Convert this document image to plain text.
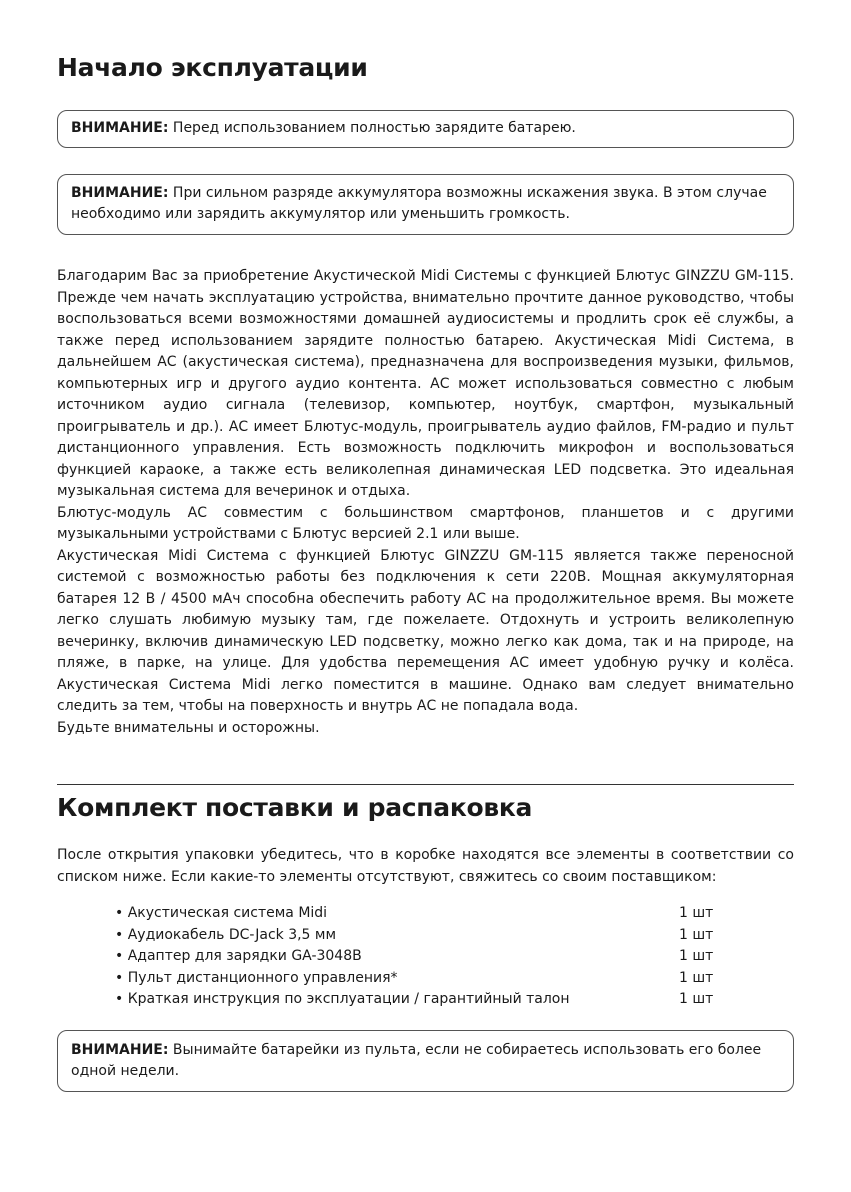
Начало эксплуатации
ВНИМАНИЕ: Перед использованием полностью зарядите батарею.
ВНИМАНИЕ: При сильном разряде аккумулятора возможны искажения звука. В этом случае необходимо или зарядить аккумулятор или уменьшить громкость.

Благодарим Вас за приобретение Акустической Midi Системы с функцией Блютус GINZZU GM-115. Прежде чем начать эксплуатацию устройства, внимательно прочтите данное руководство, чтобы воспользоваться всеми возможностями домашней аудиосистемы и продлить срок её службы, а также перед использованием зарядите полностью батарею. Акустическая Midi Система, в дальнейшем АС (акустическая система), предназначена для воспроизведения музыки, фильмов, компьютерных игр и другого аудио контента. АС может использоваться совместно с любым источником аудио сигнала (телевизор, компьютер, ноутбук, смартфон, музыкальный проигрыватель и др.). АС имеет Блютус-модуль, проигрыватель аудио файлов, FM-радио и пульт дистанционного управления. Есть возможность подключить микрофон и воспользоваться функцией караоке, а также есть великолепная динамическая LED подсветка. Это идеальная музыкальная система для вечеринок и отдыха.

Блютус-модуль АС совместим с большинством смартфонов, планшетов и с другими музыкальными устройствами с Блютус версией 2.1 или выше.

Акустическая Midi Система с функцией Блютус GINZZU GM-115 является также переносной системой с возможностью работы без подключения к сети 220В. Мощная аккумуляторная батарея 12 В / 4500 мАч способна обеспечить работу АС на продолжительное время. Вы можете легко слушать любимую музыку там, где пожелаете. Отдохнуть и устроить великолепную вечеринку, включив динамическую LED подсветку, можно легко как дома, так и на природе, на пляже, в парке, на улице. Для удобства перемещения АС имеет удобную ручку и колёса. Акустическая Система Midi легко поместится в машине. Однако вам следует внимательно следить за тем, чтобы на поверхность и внутрь АС не попадала вода.

Будьте внимательны и осторожны.

Комплект поставки и распаковка

После открытия упаковки убедитесь, что в коробке находятся все элементы в соответствии со списком ниже. Если какие-то элементы отсутствуют, свяжитесь со своим поставщиком:

• Акустическая система Midi	1 шт
• Аудиокабель DC-Jack 3,5 мм	1 шт
• Адаптер для зарядки GA-3048B	1 шт
• Пульт дистанционного управления*	1 шт
• Краткая инструкция по эксплуатации / гарантийный талон	1 шт
ВНИМАНИЕ: Вынимайте батарейки из пульта, если не собираетесь использовать его более одной недели.
